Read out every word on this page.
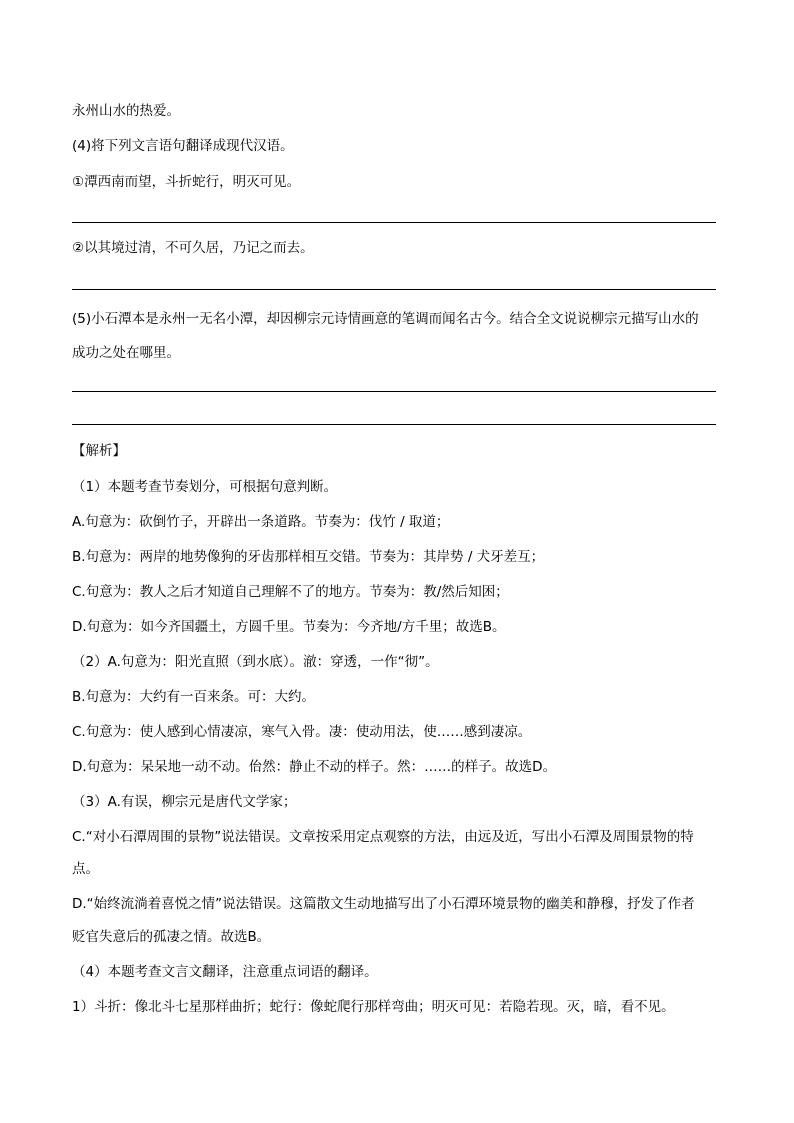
永州山水的热爱。
(4)将下列文言语句翻译成现代汉语。
①潭西南而望，斗折蛇行，明灭可见。
②以其境过清，不可久居，乃记之而去。
(5)小石潭本是永州一无名小潭，却因柳宗元诗情画意的笔调而闻名古今。结合全文说说柳宗元描写山水的
成功之处在哪里。
【解析】
（1）本题考查节奏划分，可根据句意判断。
A.句意为：砍倒竹子，开辟出一条道路。节奏为：伐竹 / 取道；
B.句意为：两岸的地势像狗的牙齿那样相互交错。节奏为：其岸势 / 犬牙差互；
C.句意为：教人之后才知道自己理解不了的地方。节奏为：教/然后知困；
D.句意为：如今齐国疆土，方圆千里。节奏为：今齐地/方千里；故选B。
（2）A.句意为：阳光直照（到水底）。澈：穿透，一作“彻”。
B.句意为：大约有一百来条。可：大约。
C.句意为：使人感到心情凄凉，寒气入骨。凄：使动用法，使……感到凄凉。
D.句意为：呆呆地一动不动。佁然：静止不动的样子。然：……的样子。故选D。
（3）A.有误，柳宗元是唐代文学家；
C.“对小石潭周围的景物”说法错误。文章按采用定点观察的方法，由远及近，写出小石潭及周围景物的特
点。
D.“始终流淌着喜悦之情”说法错误。这篇散文生动地描写出了小石潭环境景物的幽美和静穆，抒发了作者
贬官失意后的孤凄之情。故选B。
（4）本题考查文言文翻译，注意重点词语的翻译。
1）斗折：像北斗七星那样曲折；蛇行：像蛇爬行那样弯曲；明灭可见：若隐若现。灭，暗，看不见。
